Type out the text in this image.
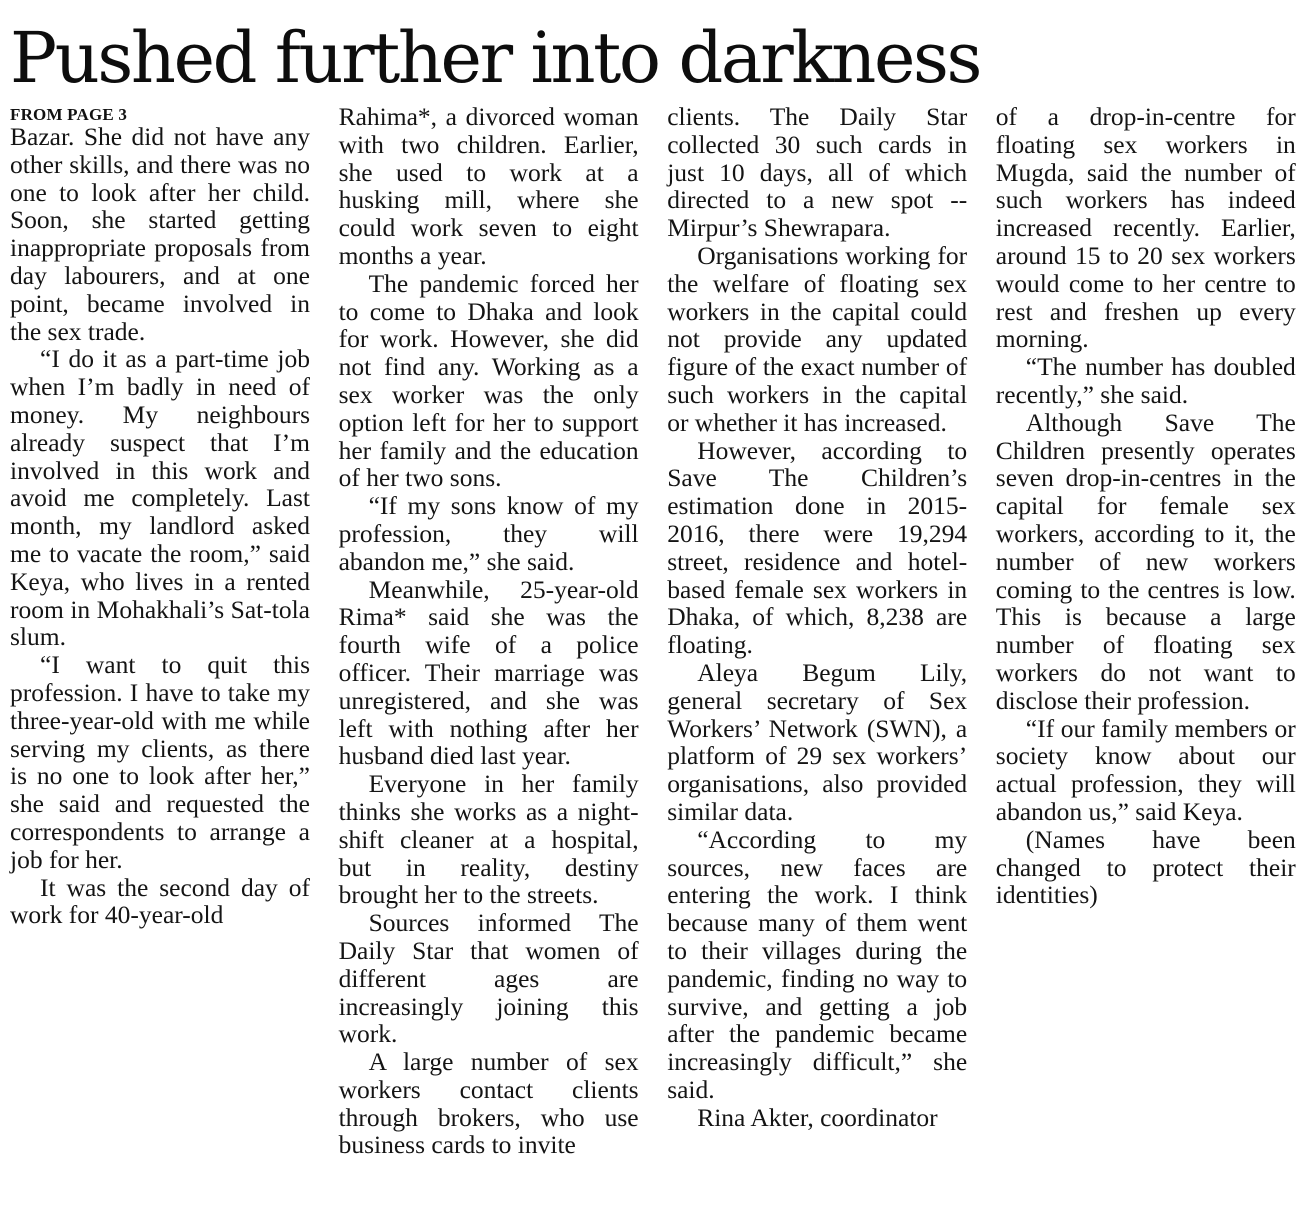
Pushed further into darkness
FROM PAGE 3

Bazar. She did not have any other skills, and there was no one to look after her child. Soon, she started getting inappropriate proposals from day labourers, and at one point, became involved in the sex trade.

“I do it as a part-time job when I’m badly in need of money. My neighbours already suspect that I’m involved in this work and avoid me completely. Last month, my landlord asked me to vacate the room,” said Keya, who lives in a rented room in Mohakhali’s Sat-tola slum.

“I want to quit this profession. I have to take my three-year-old with me while serving my clients, as there is no one to look after her,” she said and requested the correspondents to arrange a job for her.

It was the second day of work for 40-year-old

Rahima*, a divorced woman with two children. Earlier, she used to work at a husking mill, where she could work seven to eight months a year.

The pandemic forced her to come to Dhaka and look for work. However, she did not find any. Working as a sex worker was the only option left for her to support her family and the education of her two sons.

“If my sons know of my profession, they will abandon me,” she said.

Meanwhile, 25-year-old Rima* said she was the fourth wife of a police officer. Their marriage was unregistered, and she was left with nothing after her husband died last year.

Everyone in her family thinks she works as a night-shift cleaner at a hospital, but in reality, destiny brought her to the streets.

Sources informed The Daily Star that women of different ages are increasingly joining this work.

A large number of sex workers contact clients through brokers, who use business cards to invite

clients. The Daily Star collected 30 such cards in just 10 days, all of which directed to a new spot -- Mirpur’s Shewrapara.

Organisations working for the welfare of floating sex workers in the capital could not provide any updated figure of the exact number of such workers in the capital or whether it has increased.

However, according to Save The Children’s estimation done in 2015-2016, there were 19,294 street, residence and hotel-based female sex workers in Dhaka, of which, 8,238 are floating.

Aleya Begum Lily, general secretary of Sex Workers’ Network (SWN), a platform of 29 sex workers’ organisations, also provided similar data.

“According to my sources, new faces are entering the work. I think because many of them went to their villages during the pandemic, finding no way to survive, and getting a job after the pandemic became increasingly difficult,” she said.

Rina Akter, coordinator

of a drop-in-centre for floating sex workers in Mugda, said the number of such workers has indeed increased recently. Earlier, around 15 to 20 sex workers would come to her centre to rest and freshen up every morning.

“The number has doubled recently,” she said.

Although Save The Children presently operates seven drop-in-centres in the capital for female sex workers, according to it, the number of new workers coming to the centres is low. This is because a large number of floating sex workers do not want to disclose their profession.

“If our family members or society know about our actual profession, they will abandon us,” said Keya.

(Names have been changed to protect their identities)
